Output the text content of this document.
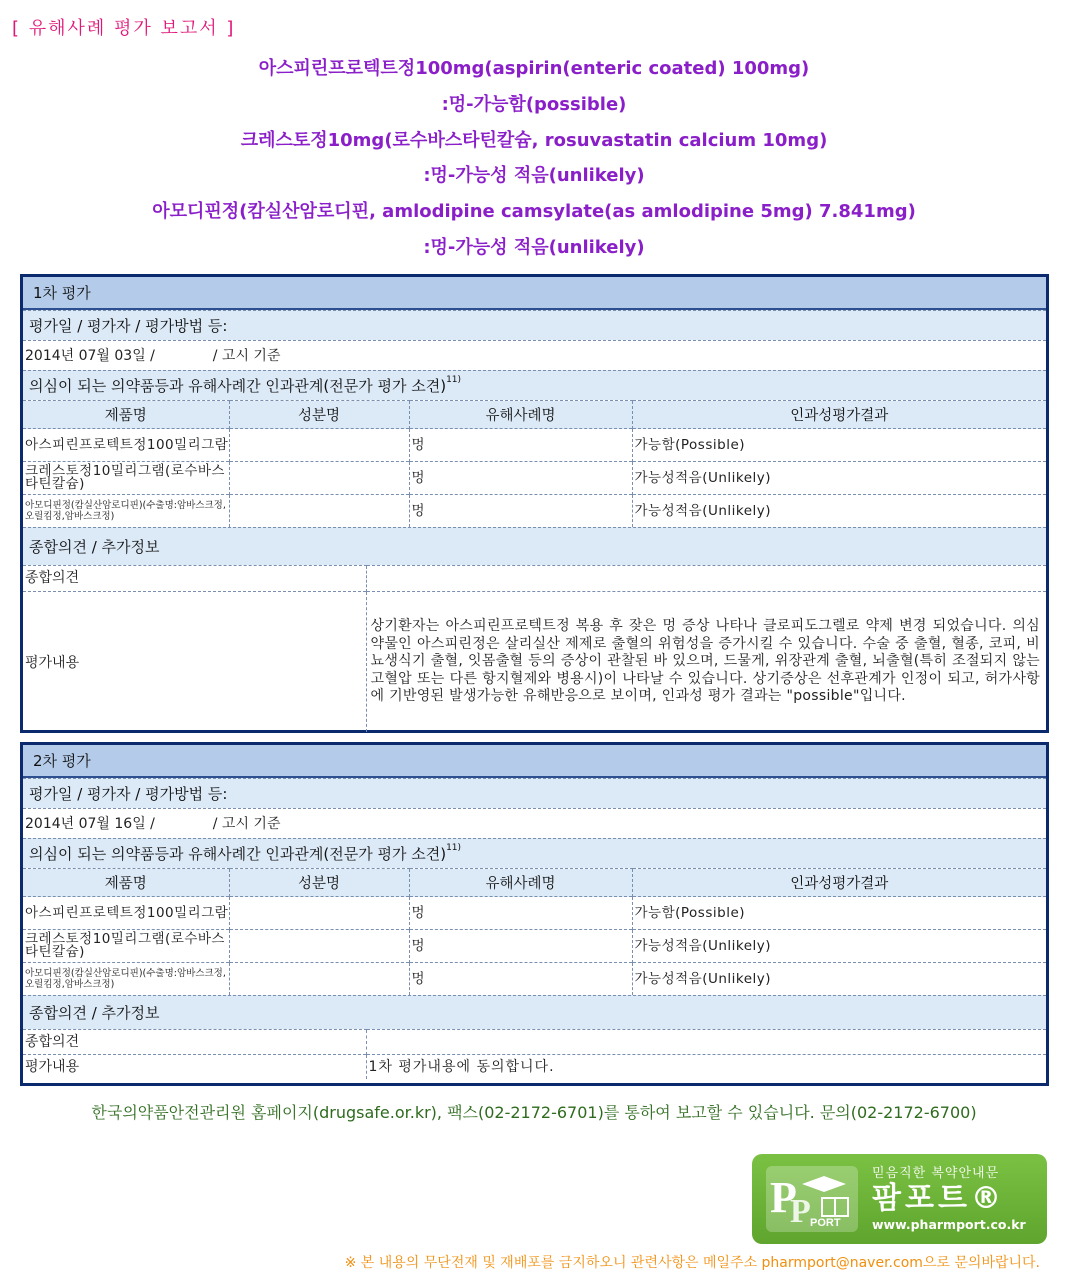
[ 유해사례 평가 보고서 ]
아스피린프로텍트정100mg(aspirin(enteric coated) 100mg)
:멍-가능함(possible)
크레스토정10mg(로수바스타틴칼슘, rosuvastatin calcium 10mg)
:멍-가능성 적음(unlikely)
아모디핀정(캄실산암로디핀, amlodipine camsylate(as amlodipine 5mg) 7.841mg)
:멍-가능성 적음(unlikely)
1차 평가
평가일 / 평가자 / 평가방법 등:
2014년 07월 03일 /             / 고시 기준
의심이 되는 의약품등과 유해사례간 인과관계(전문가 평가 소견)$^{11)}$
제품명	성분명	유해사례명	인과성평가결과
아스피린프로텍트정100밀리그람		멍	가능함(Possible)
크레스토정10밀리그램(로수바스타틴칼슘)		멍	가능성적음(Unlikely)
아모디핀정(캄실산암로디핀)(수출명:암바스크정,오릴킴정,암바스크정)		멍	가능성적음(Unlikely)
종합의견 / 추가정보
종합의견	
평가내용	상기환자는 아스피린프로텍트정 복용 후 잦은 멍 증상 나타나 클로피도그렐로 약제 변경 되었습니다. 의심약물인 아스피린정은 살리실산 제제로 출혈의 위험성을 증가시킬 수 있습니다. 수술 중 출혈, 혈종, 코피, 비뇨생식기 출혈, 잇몸출혈 등의 증상이 관찰된 바 있으며, 드물게, 위장관계 출혈, 뇌출혈(특히 조절되지 않는 고혈압 또는 다른 항지혈제와 병용시)이 나타날 수 있습니다. 상기증상은 선후관계가 인정이 되고, 허가사항에 기반영된 발생가능한 유해반응으로 보이며, 인과성 평가 결과는 "possible"입니다.
2차 평가
평가일 / 평가자 / 평가방법 등:
2014년 07월 16일 /             / 고시 기준
의심이 되는 의약품등과 유해사례간 인과관계(전문가 평가 소견)$^{11)}$
제품명	성분명	유해사례명	인과성평가결과
아스피린프로텍트정100밀리그람		멍	가능함(Possible)
크레스토정10밀리그램(로수바스타틴칼슘)		멍	가능성적음(Unlikely)
아모디핀정(캄실산암로디핀)(수출명:암바스크정,오릴킴정,암바스크정)		멍	가능성적음(Unlikely)
종합의견 / 추가정보
종합의견	
평가내용	1차 평가내용에 동의합니다.
한국의약품안전관리원 홈페이지(drugsafe.or.kr), 팩스(02-2172-6701)를 통하여 보고할 수 있습니다. 문의(02-2172-6700)
P
P PORT
믿음직한 복약안내문
팜포트®
www.pharmport.co.kr
※ 본 내용의 무단전재 및 재배포를 금지하오니 관련사항은 메일주소 pharmport@naver.com으로 문의바랍니다.
